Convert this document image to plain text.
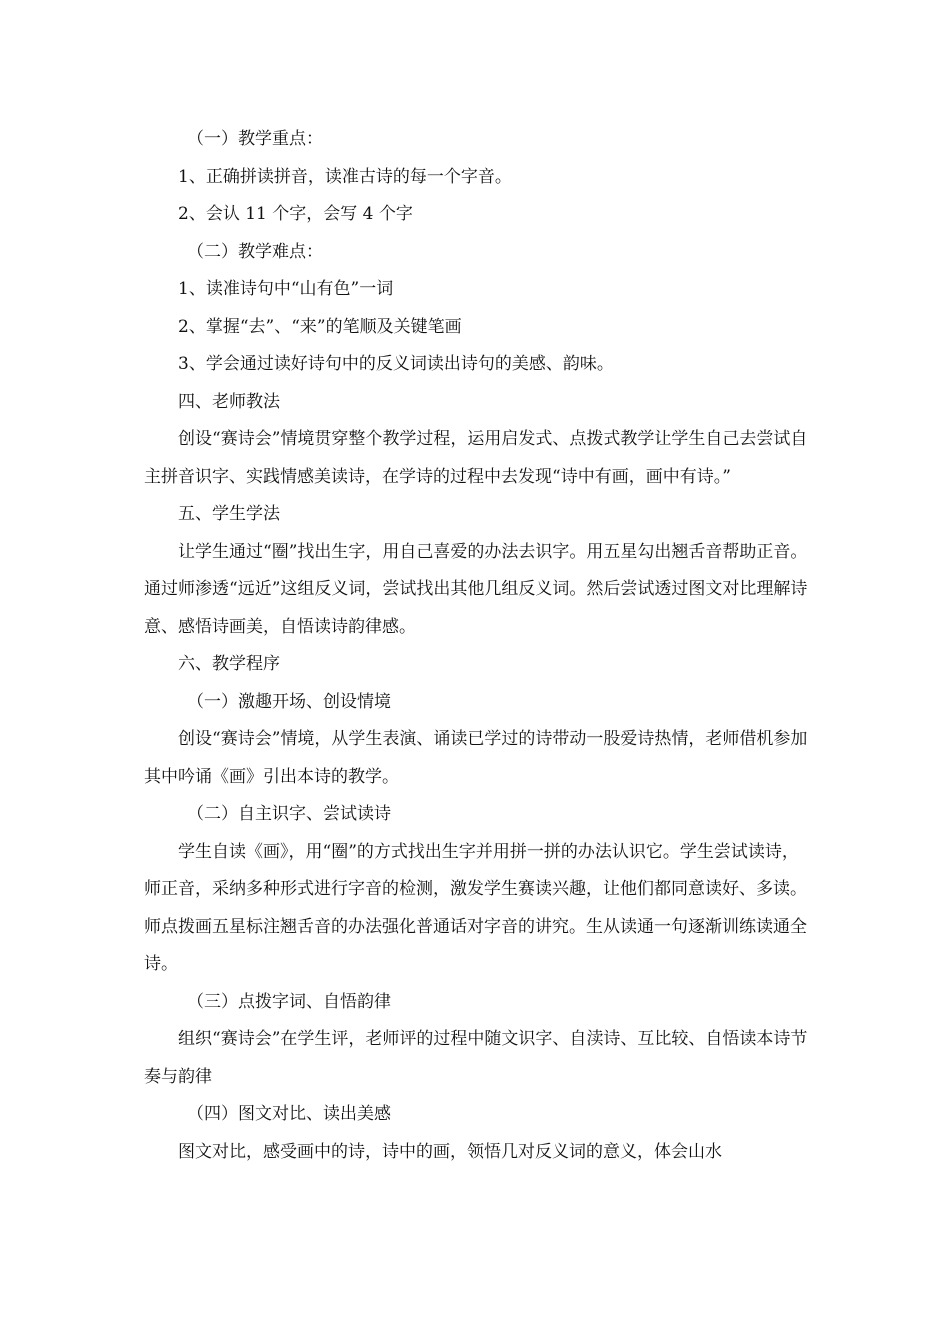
（一）教学重点：

1、正确拼读拼音，读准古诗的每一个字音。

2、会认 11 个字，会写 4 个字

（二）教学难点：

1、读准诗句中“山有色”一词

2、掌握“去”、“来”的笔顺及关键笔画

3、学会通过读好诗句中的反义词读出诗句的美感、韵味。

四、老师教法

创设“赛诗会”情境贯穿整个教学过程，运用启发式、点拨式教学让学生自己去尝试自主拼音识字、实践情感美读诗，在学诗的过程中去发现“诗中有画，画中有诗。”

五、学生学法

让学生通过“圈”找出生字，用自己喜爱的办法去识字。用五星勾出翘舌音帮助正音。通过师渗透“远近”这组反义词，尝试找出其他几组反义词。然后尝试透过图文对比理解诗意、感悟诗画美，自悟读诗韵律感。

六、教学程序

（一）激趣开场、创设情境

创设“赛诗会”情境，从学生表演、诵读已学过的诗带动一股爱诗热情，老师借机参加其中吟诵《画》引出本诗的教学。

（二）自主识字、尝试读诗

学生自读《画》，用“圈”的方式找出生字并用拼一拼的办法认识它。学生尝试读诗，师正音，采纳多种形式进行字音的检测，激发学生赛读兴趣，让他们都同意读好、多读。师点拨画五星标注翘舌音的办法强化普通话对字音的讲究。生从读通一句逐渐训练读通全诗。

（三）点拨字词、自悟韵律

组织“赛诗会”在学生评，老师评的过程中随文识字、自渎诗、互比较、自悟读本诗节奏与韵律

（四）图文对比、读出美感

图文对比，感受画中的诗，诗中的画，领悟几对反义词的意义，体会山水
